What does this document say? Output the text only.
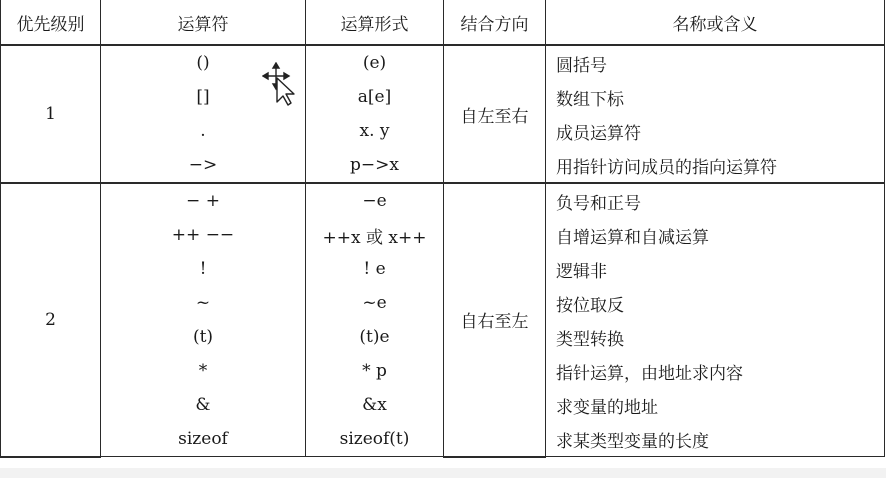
优先级别	运算符	运算形式	结合方向	名称或含义
1	()	(e)	自左至右	圆括号
	[]	a[e]		数组下标
	.	x. y		成员运算符
	−>	p−>x		用指针访问成员的指向运算符
2	− +	−e	自右至左	负号和正号
	++ −−	++x 或 x++		自增运算和自减运算
	!	! e		逻辑非
	~	~e		按位取反
	(t)	(t)e		类型转换
	*	* p		指针运算，由地址求内容
	&	&x		求变量的地址
	sizeof	sizeof(t)		求某类型变量的长度
